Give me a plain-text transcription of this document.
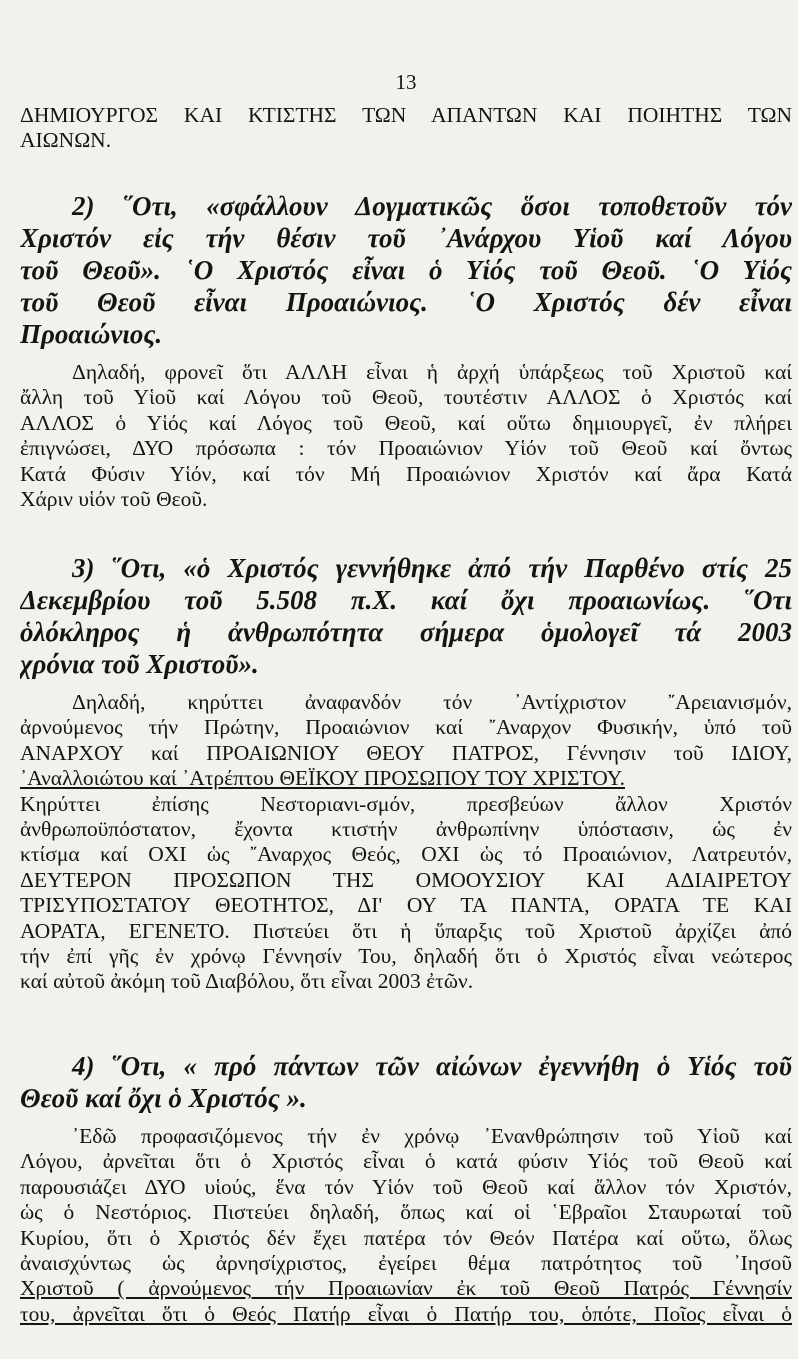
13
ΔΗΜΙΟΥΡΓΟΣ ΚΑΙ ΚΤΙΣΤΗΣ ΤΩΝ ΑΠΑΝΤΩΝ ΚΑΙ ΠΟΙΗΤΗΣ ΤΩΝ
ΑΙΩΝΩΝ.
2) ῞Οτι, «σφάλλουν Δογματικῶς ὅσοι τοποθετοῦν τόν
Χριστόν εἰς τήν θέσιν τοῦ ᾿Ανάρχου Υἱοῦ καί Λόγου
τοῦ Θεοῦ». ῾Ο Χριστός εἶναι ὁ Υἱός τοῦ Θεοῦ. ῾Ο Υἱός
τοῦ Θεοῦ εἶναι Προαιώνιος. ῾Ο Χριστός δέν εἶναι
Προαιώνιος.
Δηλαδή, φρονεῖ ὅτι ΑΛΛΗ εἶναι ἡ ἀρχή ὑπάρξεως τοῦ Χριστοῦ καί
ἄλλη τοῦ Υἱοῦ καί Λόγου τοῦ Θεοῦ, τουτέστιν ΑΛΛΟΣ ὁ Χριστός καί
ΑΛΛΟΣ ὁ Υἱός καί Λόγος τοῦ Θεοῦ, καί οὕτω δημιουργεῖ, ἐν πλήρει
ἐπιγνώσει, ΔΥΟ πρόσωπα : τόν Προαιώνιον Υἱόν τοῦ Θεοῦ καί ὄντως
Κατά Φύσιν Υἱόν, καί τόν Μή Προαιώνιον Χριστόν καί ἄρα Κατά
Χάριν υἱόν τοῦ Θεοῦ.
3) ῞Οτι, «ὁ Χριστός γεννήθηκε ἀπό τήν Παρθένο στίς 25
Δεκεμβρίου τοῦ 5.508 π.Χ. καί ὄχι προαιωνίως. ῞Οτι
ὁλόκληρος ἡ ἀνθρωπότητα σήμερα ὁμολογεῖ τά 2003
χρόνια τοῦ Χριστοῦ».
Δηλαδή, κηρύττει ἀναφανδόν τόν ᾿Αντίχριστον ῎Αρειανισμόν,
ἀρνούμενος τήν Πρώτην, Προαιώνιον καί ῎Αναρχον Φυσικήν, ὑπό τοῦ
ΑΝΑΡΧΟΥ καί ΠΡΟΑΙΩΝΙΟΥ ΘΕΟΥ ΠΑΤΡΟΣ, Γέννησιν τοῦ ΙΔΙΟΥ,
᾿Αναλλοιώτου καί ᾿Ατρέπτου ΘΕΪΚΟΥ ΠΡΟΣΩΠΟΥ ΤΟΥ ΧΡΙΣΤΟΥ.
Κηρύττει ἐπίσης Νεστοριανι-σμόν, πρεσβεύων ἄλλον Χριστόν
ἀνθρωποϋπόστατον, ἔχοντα κτιστήν ἀνθρωπίνην ὑπόστασιν, ὡς ἐν
κτίσμα καί ΟΧΙ ὡς ῎Αναρχος Θεός, ΟΧΙ ὡς τό Προαιώνιον, Λατρευτόν,
ΔΕΥΤΕΡΟΝ ΠΡΟΣΩΠΟΝ ΤΗΣ ΟΜΟΟΥΣΙΟΥ ΚΑΙ ΑΔΙΑΙΡΕΤΟΥ
ΤΡΙΣΥΠΟΣΤΑΤΟΥ ΘΕΟΤΗΤΟΣ, ΔΙ' ΟΥ ΤΑ ΠΑΝΤΑ, ΟΡΑΤΑ ΤΕ ΚΑΙ
ΑΟΡΑΤΑ, ΕΓΕΝΕΤΟ. Πιστεύει ὅτι ἡ ὕπαρξις τοῦ Χριστοῦ ἀρχίζει ἀπό
τήν ἐπί γῆς ἐν χρόνῳ Γέννησίν Του, δηλαδή ὅτι ὁ Χριστός εἶναι νεώτερος
καί αὐτοῦ ἀκόμη τοῦ Διαβόλου, ὅτι εἶναι 2003 ἐτῶν.
4) ῞Οτι, « πρό πάντων τῶν αἰώνων ἐγεννήθη ὁ Υἱός τοῦ
Θεοῦ καί ὄχι ὁ Χριστός ».
᾿Εδῶ προφασιζόμενος τήν ἐν χρόνῳ ᾿Ενανθρώπησιν τοῦ Υἱοῦ καί
Λόγου, ἀρνεῖται ὅτι ὁ Χριστός εἶναι ὁ κατά φύσιν Υἱός τοῦ Θεοῦ καί
παρουσιάζει ΔΥΟ υἱούς, ἕνα τόν Υἱόν τοῦ Θεοῦ καί ἄλλον τόν Χριστόν,
ὡς ὁ Νεστόριος. Πιστεύει δηλαδή, ὅπως καί οἱ ῾Εβραῖοι Σταυρωταί τοῦ
Κυρίου, ὅτι ὁ Χριστός δέν ἔχει πατέρα τόν Θεόν Πατέρα καί οὕτω, ὅλως
ἀναισχύντως ὡς ἀρνησίχριστος, ἐγείρει θέμα πατρότητος τοῦ ᾿Ιησοῦ
Χριστοῦ ( ἀρνούμενος τήν Προαιωνίαν ἐκ τοῦ Θεοῦ Πατρός Γέννησίν
του, ἀρνεῖται ὅτι ὁ Θεός Πατήρ εἶναι ὁ Πατήρ του, ὁπότε, Ποῖος εἶναι ὁ
